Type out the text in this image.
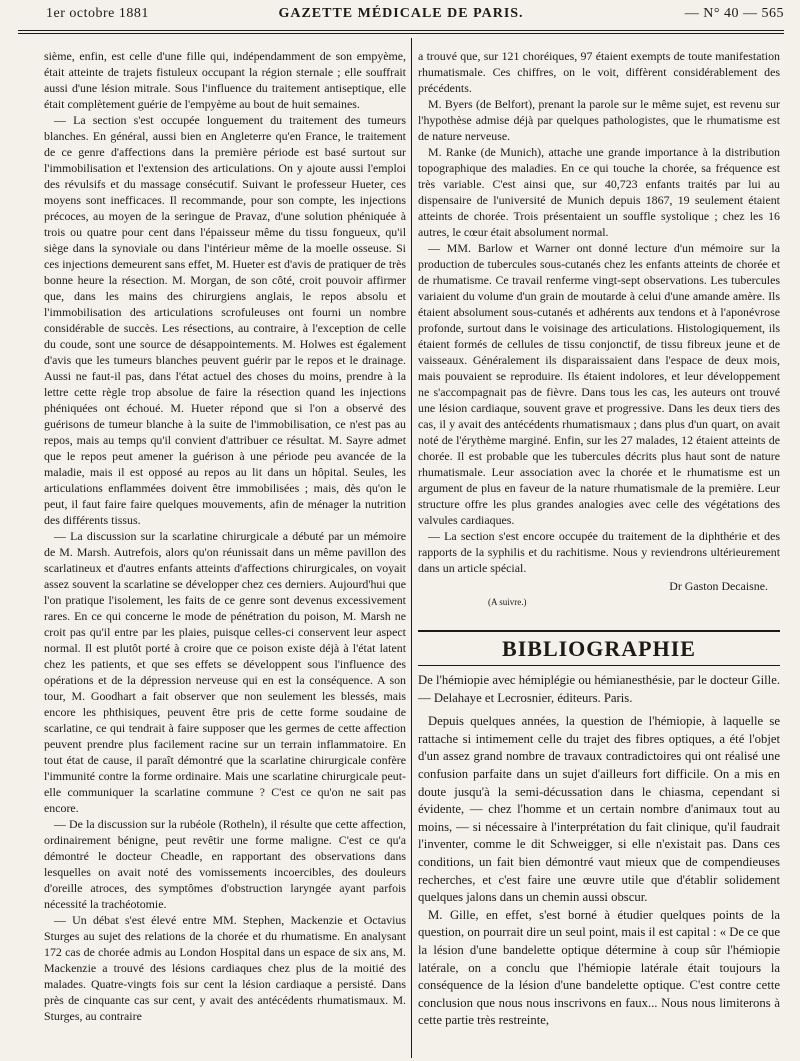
1er octobre 1881	GAZETTE MÉDICALE DE PARIS.	— N° 40 — 565

sième, enfin, est celle d'une fille qui, indépendamment de son empyème, était atteinte de trajets fistuleux occupant la région sternale ; elle souffrait aussi d'une lésion mitrale. Sous l'influence du traitement antiseptique, elle était complètement guérie de l'empyème au bout de huit semaines.

— La section s'est occupée longuement du traitement des tumeurs blanches. En général, aussi bien en Angleterre qu'en France, le traitement de ce genre d'affections dans la première période est basé surtout sur l'immobilisation et l'extension des articulations. On y ajoute aussi l'emploi des révulsifs et du massage consécutif. Suivant le professeur Hueter, ces moyens sont inefficaces. Il recommande, pour son compte, les injections précoces, au moyen de la seringue de Pravaz, d'une solution phéniquée à trois ou quatre pour cent dans l'épaisseur même du tissu fongueux, qu'il siège dans la synoviale ou dans l'intérieur même de la moelle osseuse. Si ces injections demeurent sans effet, M. Hueter est d'avis de pratiquer de très bonne heure la résection. M. Morgan, de son côté, croit pouvoir affirmer que, dans les mains des chirurgiens anglais, le repos absolu et l'immobilisation des articulations scrofuleuses ont fourni un nombre considérable de succès. Les résections, au contraire, à l'exception de celle du coude, sont une source de désappointements. M. Holwes est également d'avis que les tumeurs blanches peuvent guérir par le repos et le drainage. Aussi ne faut-il pas, dans l'état actuel des choses du moins, prendre à la lettre cette règle trop absolue de faire la résection quand les injections phéniquées ont échoué. M. Hueter répond que si l'on a observé des guérisons de tumeur blanche à la suite de l'immobilisation, ce n'est pas au repos, mais au temps qu'il convient d'attribuer ce résultat. M. Sayre admet que le repos peut amener la guérison à une période peu avancée de la maladie, mais il est opposé au repos au lit dans un hôpital. Seules, les articulations enflammées doivent être immobilisées ; mais, dès qu'on le peut, il faut faire faire quelques mouvements, afin de ménager la nutrition des différents tissus.

— La discussion sur la scarlatine chirurgicale a débuté par un mémoire de M. Marsh. Autrefois, alors qu'on réunissait dans un même pavillon des scarlatineux et d'autres enfants atteints d'affections chirurgicales, on voyait assez souvent la scarlatine se développer chez ces derniers. Aujourd'hui que l'on pratique l'isolement, les faits de ce genre sont devenus excessivement rares. En ce qui concerne le mode de pénétration du poison, M. Marsh ne croit pas qu'il entre par les plaies, puisque celles-ci conservent leur aspect normal. Il est plutôt porté à croire que ce poison existe déjà à l'état latent chez les patients, et que ses effets se développent sous l'influence des opérations et de la dépression nerveuse qui en est la conséquence. A son tour, M. Goodhart a fait observer que non seulement les blessés, mais encore les phthisiques, peuvent être pris de cette forme soudaine de scarlatine, ce qui tendrait à faire supposer que les germes de cette affection peuvent prendre plus facilement racine sur un terrain inflammatoire. En tout état de cause, il paraît démontré que la scarlatine chirurgicale confère l'immunité contre la forme ordinaire. Mais une scarlatine chirurgicale peut-elle communiquer la scarlatine commune ? C'est ce qu'on ne sait pas encore.

— De la discussion sur la rubéole (Rotheln), il résulte que cette affection, ordinairement bénigne, peut revêtir une forme maligne. C'est ce qu'a démontré le docteur Cheadle, en rapportant des observations dans lesquelles on avait noté des vomissements incoercibles, des douleurs d'oreille atroces, des symptômes d'obstruction laryngée ayant parfois nécessité la trachéotomie.

— Un débat s'est élevé entre MM. Stephen, Mackenzie et Octavius Sturges au sujet des relations de la chorée et du rhumatisme. En analysant 172 cas de chorée admis au London Hospital dans un espace de six ans, M. Mackenzie a trouvé des lésions cardiaques chez plus de la moitié des malades. Quatre-vingts fois sur cent la lésion cardiaque a persisté. Dans près de cinquante cas sur cent, y avait des antécédents rhumatismaux. M. Sturges, au contraire

a trouvé que, sur 121 choréiques, 97 étaient exempts de toute manifestation rhumatismale. Ces chiffres, on le voit, diffèrent considérablement des précédents.

M. Byers (de Belfort), prenant la parole sur le même sujet, est revenu sur l'hypothèse admise déjà par quelques pathologistes, que le rhumatisme est de nature nerveuse.

M. Ranke (de Munich), attache une grande importance à la distribution topographique des maladies. En ce qui touche la chorée, sa fréquence est très variable. C'est ainsi que, sur 40,723 enfants traités par lui au dispensaire de l'université de Munich depuis 1867, 19 seulement étaient atteints de chorée. Trois présentaient un souffle systolique ; chez les 16 autres, le cœur était absolument normal.

— MM. Barlow et Warner ont donné lecture d'un mémoire sur la production de tubercules sous-cutanés chez les enfants atteints de chorée et de rhumatisme. Ce travail renferme vingt-sept observations. Les tubercules variaient du volume d'un grain de moutarde à celui d'une amande amère. Ils étaient absolument sous-cutanés et adhérents aux tendons et à l'aponévrose profonde, surtout dans le voisinage des articulations. Histologiquement, ils étaient formés de cellules de tissu conjonctif, de tissu fibreux jeune et de vaisseaux. Généralement ils disparaissaient dans l'espace de deux mois, mais pouvaient se reproduire. Ils étaient indolores, et leur développement ne s'accompagnait pas de fièvre. Dans tous les cas, les auteurs ont trouvé une lésion cardiaque, souvent grave et progressive. Dans les deux tiers des cas, il y avait des antécédents rhumatismaux ; dans plus d'un quart, on avait noté de l'érythème marginé. Enfin, sur les 27 malades, 12 étaient atteints de chorée. Il est probable que les tubercules décrits plus haut sont de nature rhumatismale. Leur association avec la chorée et le rhumatisme est un argument de plus en faveur de la nature rhumatismale de la première. Leur structure offre les plus grandes analogies avec celle des végétations des valvules cardiaques.

— La section s'est encore occupée du traitement de la diphthérie et des rapports de la syphilis et du rachitisme. Nous y reviendrons ultérieurement dans un article spécial.

Dr Gaston Decaisne.
(A suivre.)
BIBLIOGRAPHIE

De l'hémiopie avec hémiplégie ou hémianesthésie, par le docteur Gille. — Delahaye et Lecrosnier, éditeurs. Paris.

Depuis quelques années, la question de l'hémiopie, à laquelle se rattache si intimement celle du trajet des fibres optiques, a été l'objet d'un assez grand nombre de travaux contradictoires qui ont réalisé une confusion parfaite dans un sujet d'ailleurs fort difficile. On a mis en doute jusqu'à la semi-décussation dans le chiasma, cependant si évidente, — chez l'homme et un certain nombre d'animaux tout au moins, — si nécessaire à l'interprétation du fait clinique, qu'il faudrait l'inventer, comme le dit Schweigger, si elle n'existait pas. Dans ces conditions, un fait bien démontré vaut mieux que de compendieuses recherches, et c'est faire une œuvre utile que d'établir solidement quelques jalons dans un chemin aussi obscur.

M. Gille, en effet, s'est borné à étudier quelques points de la question, on pourrait dire un seul point, mais il est capital : « De ce que la lésion d'une bandelette optique détermine à coup sûr l'hémiopie latérale, on a conclu que l'hémiopie latérale était toujours la conséquence de la lésion d'une bandelette optique. C'est contre cette conclusion que nous nous inscrivons en faux... Nous nous limiterons à cette partie très restreinte,
